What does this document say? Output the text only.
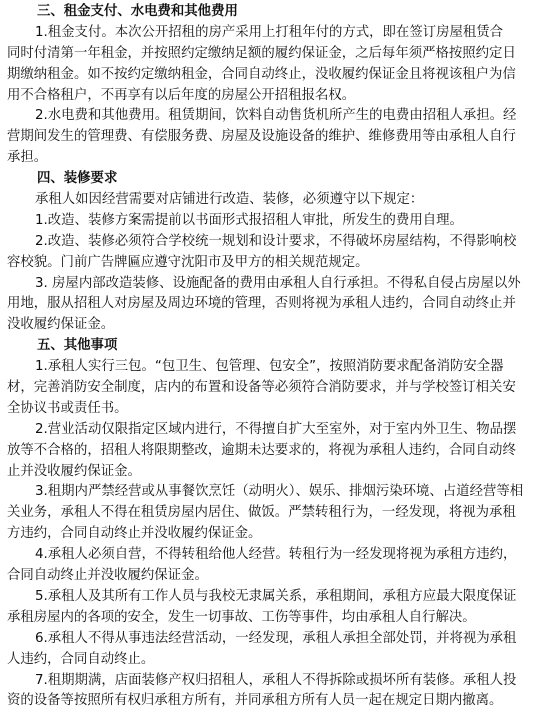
三、租金支付、水电费和其他费用
1.租金支付。本次公开招租的房产采用上打租年付的方式，即在签订房屋租赁合
同时付清第一年租金，并按照约定缴纳足额的履约保证金，之后每年须严格按照约定日
期缴纳租金。如不按约定缴纳租金，合同自动终止，没收履约保证金且将视该租户为信
用不合格租户，不再享有以后年度的房屋公开招租报名权。
2.水电费和其他费用。租赁期间，饮料自动售货机所产生的电费由招租人承担。经
营期间发生的管理费、有偿服务费、房屋及设施设备的维护、维修费用等由承租人自行
承担。
四、装修要求
承租人如因经营需要对店铺进行改造、装修，必须遵守以下规定：
1.改造、装修方案需提前以书面形式报招租人审批，所发生的费用自理。
2.改造、装修必须符合学校统一规划和设计要求，不得破坏房屋结构，不得影响校
容校貌。门前广告牌匾应遵守沈阳市及甲方的相关规范规定。
3. 房屋内部改造装修、设施配备的费用由承租人自行承担。不得私自侵占房屋以外
用地，服从招租人对房屋及周边环境的管理，否则将视为承租人违约，合同自动终止并
没收履约保证金。
五、其他事项
1.承租人实行三包。“包卫生、包管理、包安全”，按照消防要求配备消防安全器
材，完善消防安全制度，店内的布置和设备等必须符合消防要求，并与学校签订相关安
全协议书或责任书。
2.营业活动仅限指定区域内进行，不得擅自扩大至室外，对于室内外卫生、物品摆
放等不合格的，招租人将限期整改，逾期未达要求的，将视为承租人违约，合同自动终
止并没收履约保证金。
3.租期内严禁经营或从事餐饮烹饪（动明火）、娱乐、排烟污染环境、占道经营等相
关业务，承租人不得在租赁房屋内居住、做饭。严禁转租行为，一经发现，将视为承租
方违约，合同自动终止并没收履约保证金。
4.承租人必须自营，不得转租给他人经营。转租行为一经发现将视为承租方违约，
合同自动终止并没收履约保证金。
5.承租人及其所有工作人员与我校无隶属关系，承租期间，承租方应最大限度保证
承租房屋内的各项的安全，发生一切事故、工伤等事件，均由承租人自行解决。
6.承租人不得从事违法经营活动，一经发现，承租人承担全部处罚，并将视为承租
人违约，合同自动终止。
7.租期期满，店面装修产权归招租人，承租人不得拆除或损坏所有装修。承租人投
资的设备等按照所有权归承租方所有，并同承租方所有人员一起在规定日期内撤离。
